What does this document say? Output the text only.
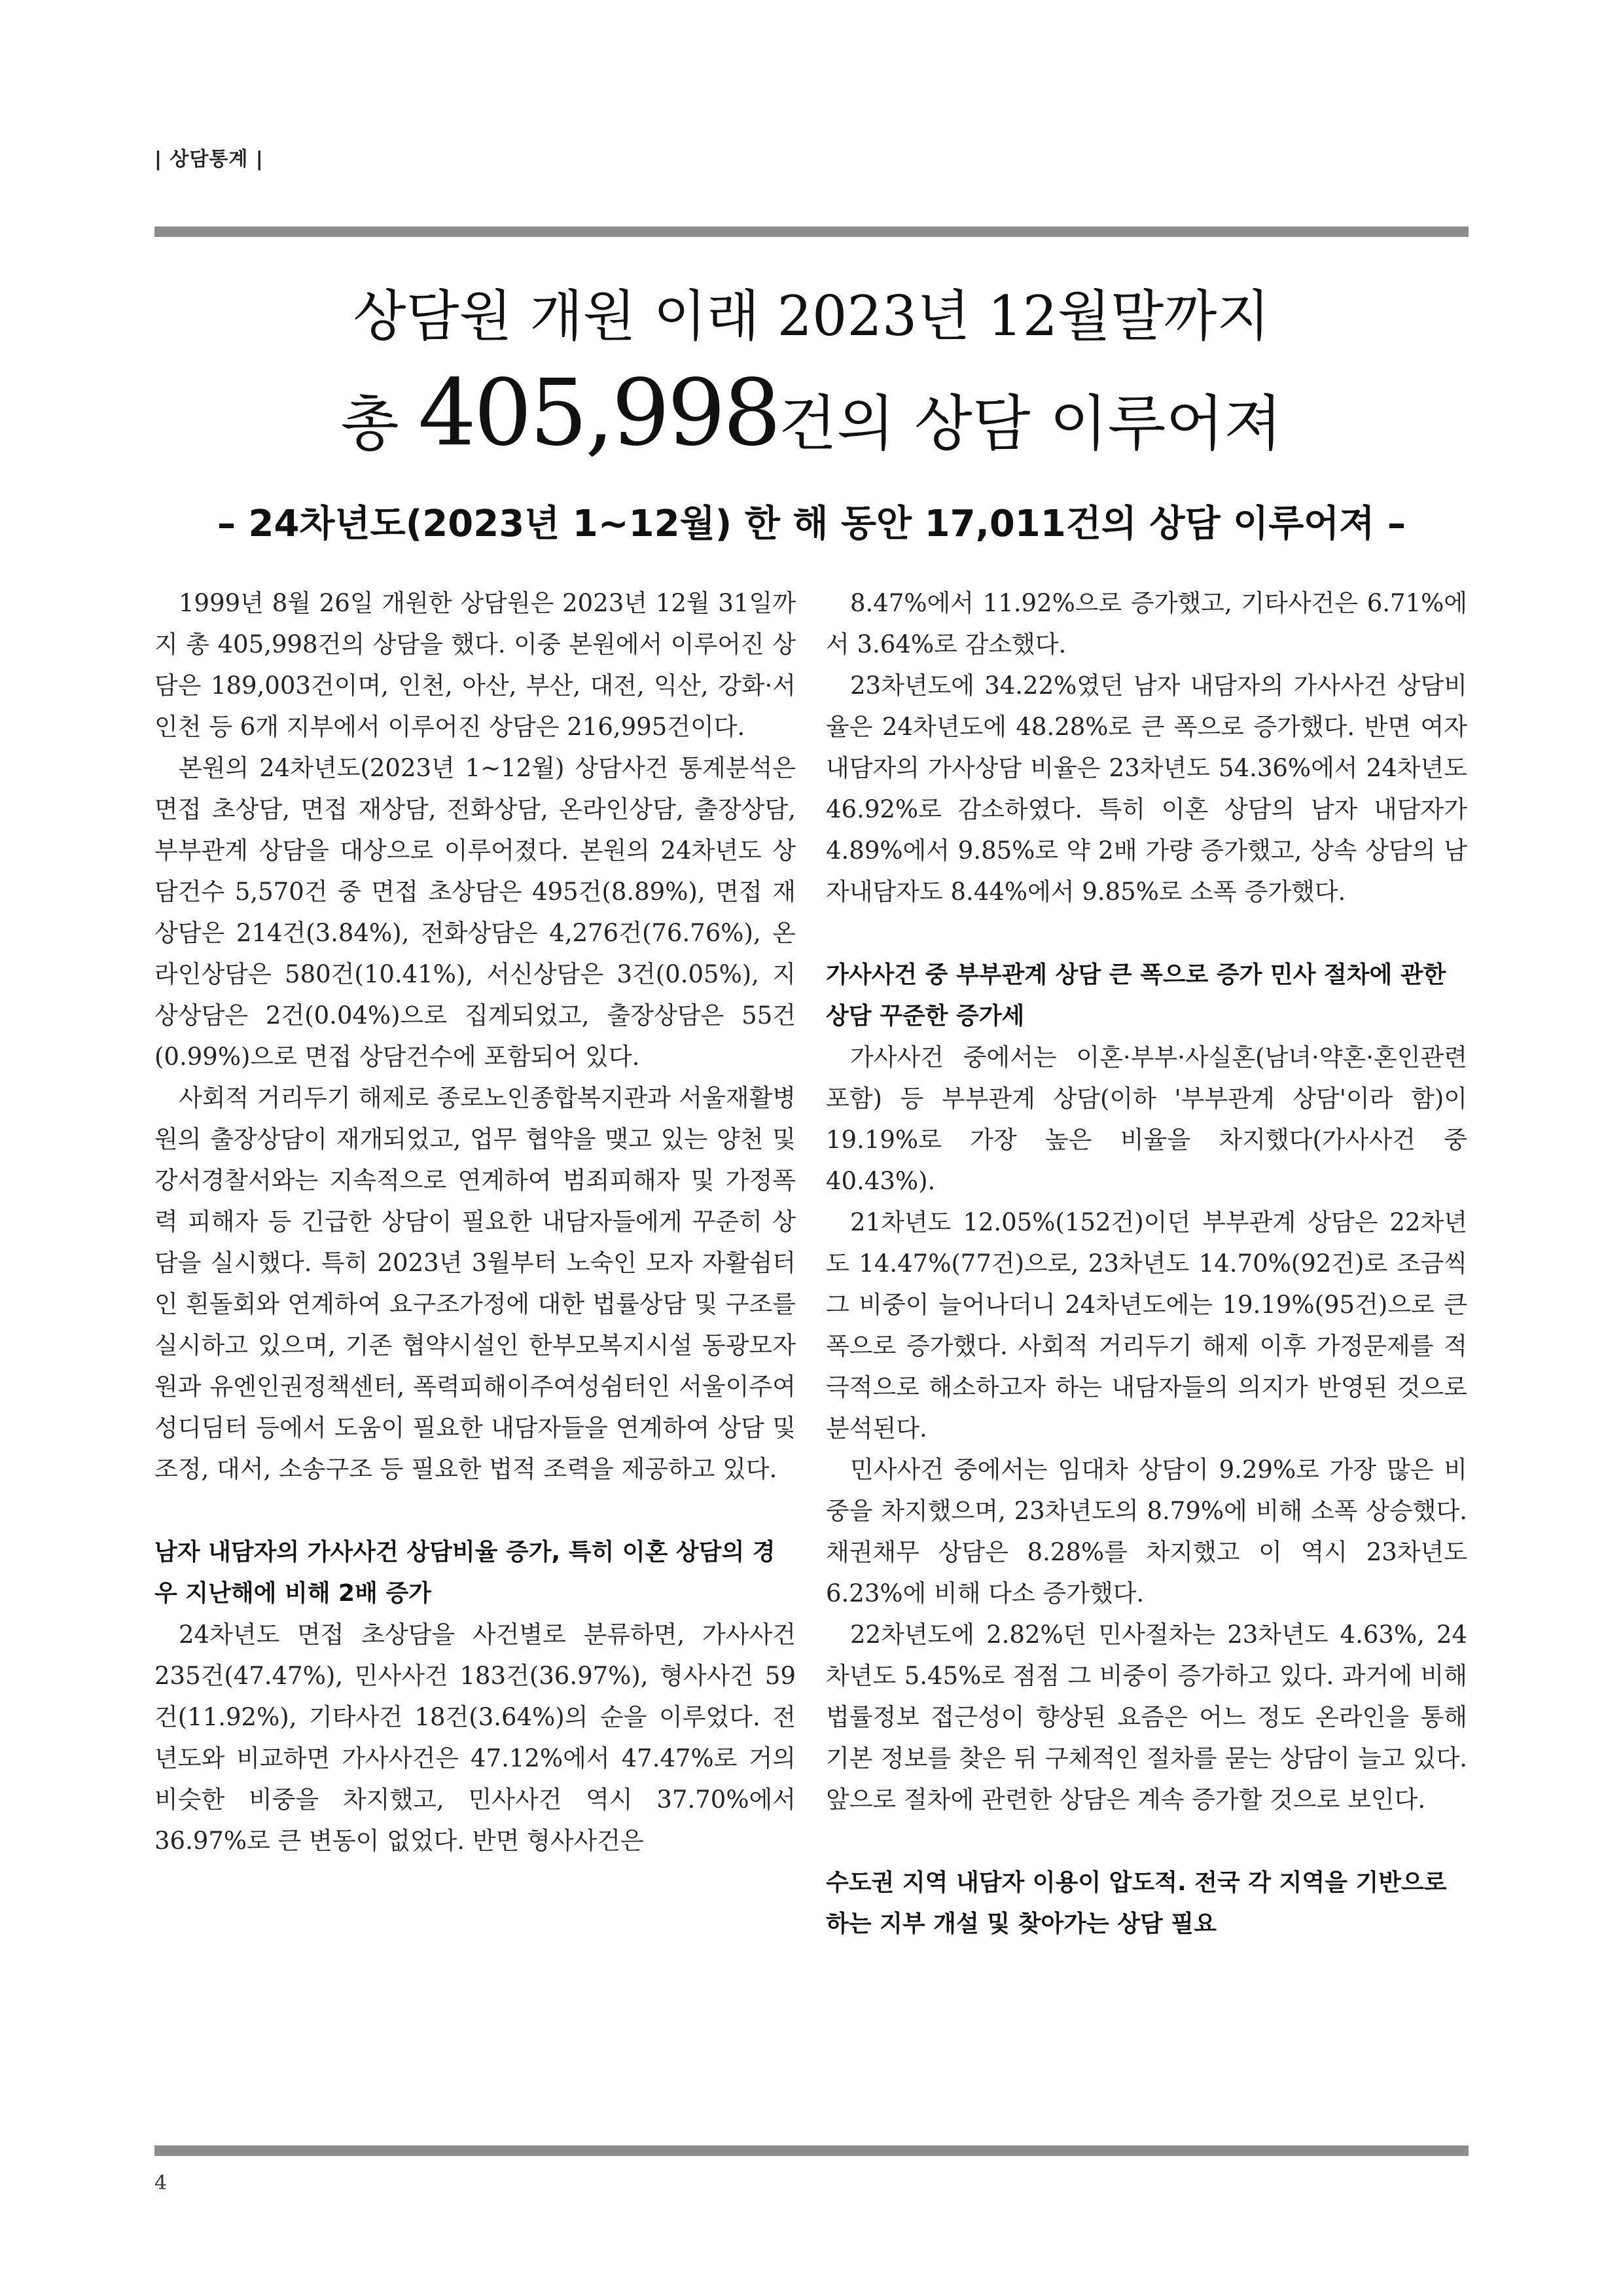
| 상담통계 |
상담원 개원 이래 2023년 12월말까지
총 405,998건의 상담 이루어져
– 24차년도(2023년 1~12월) 한 해 동안 17,011건의 상담 이루어져 –

1999년 8월 26일 개원한 상담원은 2023년 12월 31일까지 총 405,998건의 상담을 했다. 이중 본원에서 이루어진 상담은 189,003건이며, 인천, 아산, 부산, 대전, 익산, 강화·서인천 등 6개 지부에서 이루어진 상담은 216,995건이다.

본원의 24차년도(2023년 1~12월) 상담사건 통계분석은 면접 초상담, 면접 재상담, 전화상담, 온라인상담, 출장상담, 부부관계 상담을 대상으로 이루어졌다. 본원의 24차년도 상담건수 5,570건 중 면접 초상담은 495건(8.89%), 면접 재상담은 214건(3.84%), 전화상담은 4,276건(76.76%), 온라인상담은 580건(10.41%), 서신상담은 3건(0.05%), 지상상담은 2건(0.04%)으로 집계되었고, 출장상담은 55건(0.99%)으로 면접 상담건수에 포함되어 있다.

사회적 거리두기 해제로 종로노인종합복지관과 서울재활병원의 출장상담이 재개되었고, 업무 협약을 맺고 있는 양천 및 강서경찰서와는 지속적으로 연계하여 범죄피해자 및 가정폭력 피해자 등 긴급한 상담이 필요한 내담자들에게 꾸준히 상담을 실시했다. 특히 2023년 3월부터 노숙인 모자 자활쉼터인 흰돌회와 연계하여 요구조가정에 대한 법률상담 및 구조를 실시하고 있으며, 기존 협약시설인 한부모복지시설 동광모자원과 유엔인권정책센터, 폭력피해이주여성쉼터인 서울이주여성디딤터 등에서 도움이 필요한 내담자들을 연계하여 상담 및 조정, 대서, 소송구조 등 필요한 법적 조력을 제공하고 있다.

남자 내담자의 가사사건 상담비율 증가, 특히 이혼 상담의 경우 지난해에 비해 2배 증가

24차년도 면접 초상담을 사건별로 분류하면, 가사사건 235건(47.47%), 민사사건 183건(36.97%), 형사사건 59건(11.92%), 기타사건 18건(3.64%)의 순을 이루었다. 전년도와 비교하면 가사사건은 47.12%에서 47.47%로 거의 비슷한 비중을 차지했고, 민사사건 역시 37.70%에서 36.97%로 큰 변동이 없었다. 반면 형사사건은

8.47%에서 11.92%으로 증가했고, 기타사건은 6.71%에서 3.64%로 감소했다.

23차년도에 34.22%였던 남자 내담자의 가사사건 상담비율은 24차년도에 48.28%로 큰 폭으로 증가했다. 반면 여자 내담자의 가사상담 비율은 23차년도 54.36%에서 24차년도 46.92%로 감소하였다. 특히 이혼 상담의 남자 내담자가 4.89%에서 9.85%로 약 2배 가량 증가했고, 상속 상담의 남자내담자도 8.44%에서 9.85%로 소폭 증가했다.

가사사건 중 부부관계 상담 큰 폭으로 증가 민사 절차에 관한 상담 꾸준한 증가세

가사사건 중에서는 이혼·부부·사실혼(남녀·약혼·혼인관련 포함) 등 부부관계 상담(이하 '부부관계 상담'이라 함)이 19.19%로 가장 높은 비율을 차지했다(가사사건 중 40.43%).

21차년도 12.05%(152건)이던 부부관계 상담은 22차년도 14.47%(77건)으로, 23차년도 14.70%(92건)로 조금씩 그 비중이 늘어나더니 24차년도에는 19.19%(95건)으로 큰 폭으로 증가했다. 사회적 거리두기 해제 이후 가정문제를 적극적으로 해소하고자 하는 내담자들의 의지가 반영된 것으로 분석된다.

민사사건 중에서는 임대차 상담이 9.29%로 가장 많은 비중을 차지했으며, 23차년도의 8.79%에 비해 소폭 상승했다. 채권채무 상담은 8.28%를 차지했고 이 역시 23차년도 6.23%에 비해 다소 증가했다.

22차년도에 2.82%던 민사절차는 23차년도 4.63%, 24차년도 5.45%로 점점 그 비중이 증가하고 있다. 과거에 비해 법률정보 접근성이 향상된 요즘은 어느 정도 온라인을 통해 기본 정보를 찾은 뒤 구체적인 절차를 묻는 상담이 늘고 있다. 앞으로 절차에 관련한 상담은 계속 증가할 것으로 보인다.

수도권 지역 내담자 이용이 압도적. 전국 각 지역을 기반으로 하는 지부 개설 및 찾아가는 상담 필요
4
